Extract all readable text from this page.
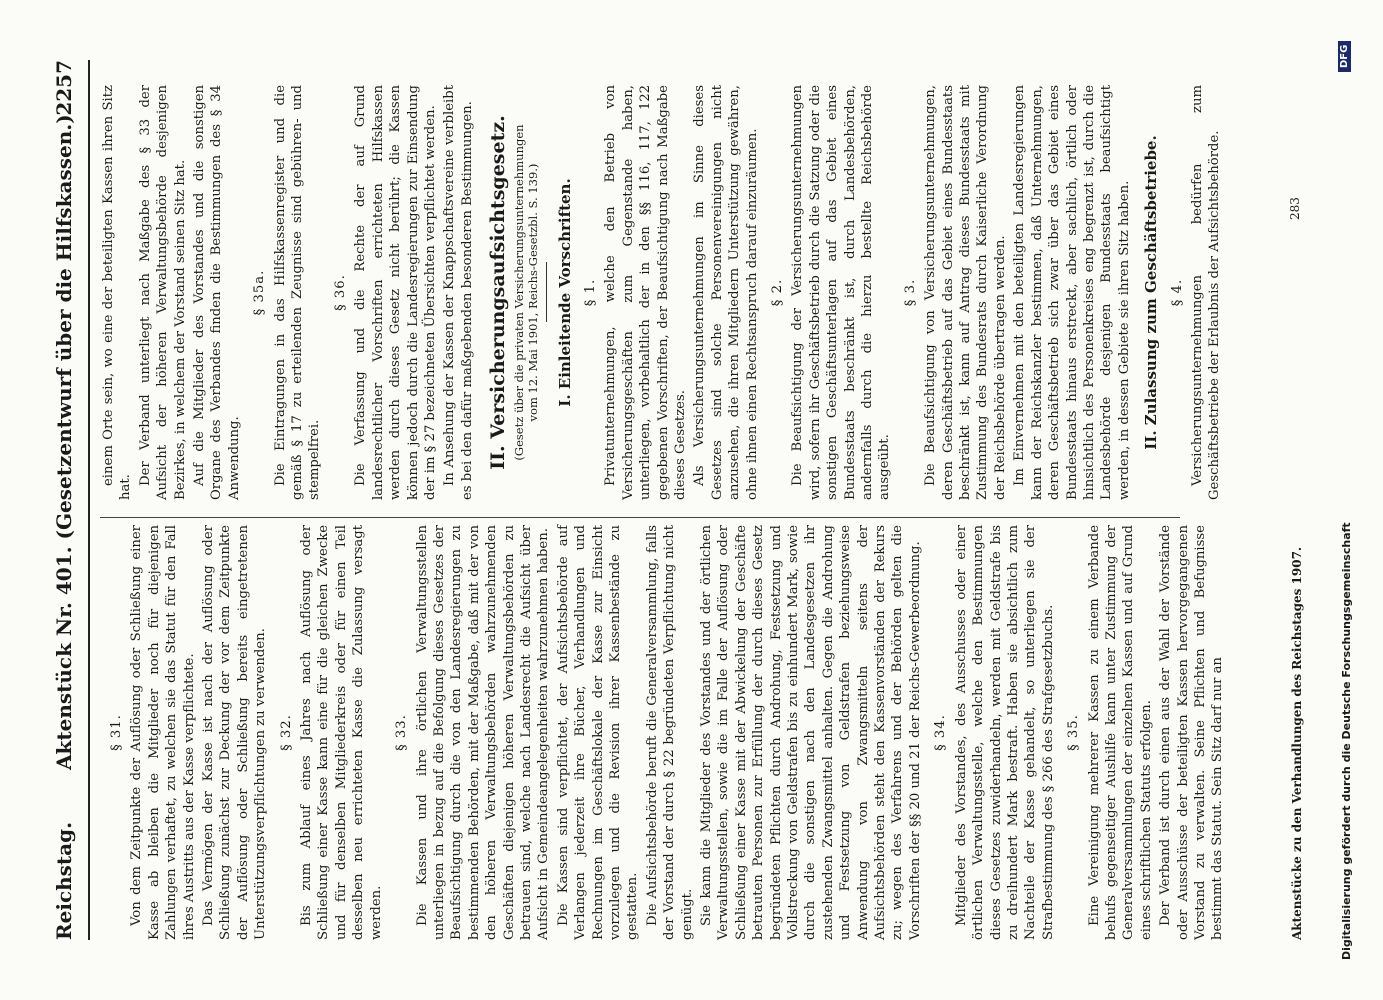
Reichstag.
Aktenstück Nr. 401. (Gesetzentwurf über die Hilfskassen.)
2257

§ 31. Von dem Zeitpunkte der Auflösung oder Schließung einer Kasse ab bleiben die Mitglieder noch für diejenigen Zahlungen verhaftet, zu welchen sie das Statut für den Fall ihres Austritts aus der Kasse verpflichtete. Das Vermögen der Kasse ist nach der Auflösung oder Schließung zunächst zur Deckung der vor dem Zeitpunkte der Auflösung oder Schließung bereits eingetretenen Unterstützungsverpflichtungen zu verwenden. § 32. Bis zum Ablauf eines Jahres nach Auflösung oder Schließung einer Kasse kann eine für die gleichen Zwecke und für denselben Mitgliederkreis oder für einen Teil desselben neu errichteten Kasse die Zulassung versagt werden.

§ 33. Die Kassen und ihre örtlichen Verwaltungsstellen unterliegen in bezug auf die Befolgung dieses Gesetzes der Beaufsichtigung durch die von den Landesregierungen zu bestimmenden Behörden, mit der Maßgabe, daß mit der von den höheren Verwaltungsbehörden wahrzunehmenden Geschäften diejenigen höheren Verwaltungsbehörden zu betrauen sind, welche nach Landesrecht die Aufsicht über Aufsicht in Gemeindeangelegenheiten wahrzunehmen haben. Die Kassen sind verpflichtet, der Aufsichtsbehörde auf Verlangen jederzeit ihre Bücher, Verhandlungen und Rechnungen im Geschäftslokale der Kasse zur Einsicht vorzulegen und die Revision ihrer Kassenbestände zu gestatten. Die Aufsichtsbehörde beruft die Generalversammlung, falls der Vorstand der durch § 22 begründeten Verpflichtung nicht genügt. Sie kann die Mitglieder des Vorstandes und der örtlichen Verwaltungsstellen, sowie die im Falle der Auflösung oder Schließung einer Kasse mit der Abwickelung der Geschäfte betrauten Personen zur Erfüllung der durch dieses Gesetz begründeten Pflichten durch Androhung, Festsetzung und Vollstreckung von Geldstrafen bis zu einhundert Mark, sowie durch die sonstigen nach den Landesgesetzen ihr zustehenden Zwangsmittel anhalten. Gegen die Androhung und Festsetzung von Geldstrafen beziehungsweise Anwendung von Zwangsmitteln seitens der Aufsichtsbehörden steht den Kassenvorständen der Rekurs zu; wegen des Verfahrens und der Behörden gelten die Vorschriften der §§ 20 und 21 der Reichs-Gewerbeordnung. § 34. Mitglieder des Vorstandes, des Ausschusses oder einer örtlichen Verwaltungsstelle, welche den Bestimmungen dieses Gesetzes zuwiderhandeln, werden mit Geldstrafe bis zu dreihundert Mark bestraft. Haben sie absichtlich zum Nachteile der Kasse gehandelt, so unterliegen sie der Strafbestimmung des § 266 des Strafgesetzbuchs. § 35. Eine Vereinigung mehrerer Kassen zu einem Verbande behufs gegenseitiger Aushilfe kann unter Zustimmung der Generalversammlungen der einzelnen Kassen und auf Grund eines schriftlichen Statuts erfolgen. Der Verband ist durch einen aus der Wahl der Vorstände oder Ausschüsse der beteiligten Kassen hervorgegangenen Vorstand zu verwalten. Seine Pflichten und Befugnisse bestimmt das Statut. Sein Sitz darf nur an

einem Orte sein, wo eine der beteiligten Kassen ihren Sitz hat.

Der Verband unterliegt nach Maßgabe des § 33 der Aufsicht der höheren Verwaltungsbehörde desjenigen Bezirkes, in welchem der Vorstand seinen Sitz hat. Auf die Mitglieder des Vorstandes und die sonstigen Organe des Verbandes finden die Bestimmungen des § 34 Anwendung.

§ 35a. Die Eintragungen in das Hilfskassenregister und die gemäß § 17 zu erteilenden Zeugnisse sind gebühren- und stempelfrei.

§ 36. Die Verfassung und die Rechte der auf Grund landesrechtlicher Vorschriften errichteten Hilfskassen werden durch dieses Gesetz nicht berührt; die Kassen können jedoch durch die Landesregierungen zur Einsendung der im § 27 bezeichneten Übersichten verpflichtet werden. In Ansehung der Kassen der Knappschaftsvereine verbleibt es bei den dafür maßgebenden besonderen Bestimmungen. II. Versicherungsaufsichtsgesetz. (Gesetz über die privaten Versicherungsunternehmungen vom 12. Mai 1901, Reichs-Gesetzbl. S. 139.) I. Einleitende Vorschriften. § 1. Privatunternehmungen, welche den Betrieb von Versicherungsgeschäften zum Gegenstande haben, unterliegen, vorbehaltlich der in den §§ 116, 117, 122 gegebenen Vorschriften, der Beaufsichtigung nach Maßgabe dieses Gesetzes. Als Versicherungsunternehmungen im Sinne dieses Gesetzes sind solche Personenvereinigungen nicht anzusehen, die ihren Mitgliedern Unterstützung gewähren, ohne ihnen einen Rechtsanspruch darauf einzuräumen. § 2. Die Beaufsichtigung der Versicherungsunternehmungen wird, sofern ihr Geschäftsbetrieb durch die Satzung oder die sonstigen Geschäftsunterlagen auf das Gebiet eines Bundesstaats beschränkt ist, durch Landesbehörden, andernfalls durch die hierzu bestellte Reichsbehörde ausgeübt.

§ 3. Die Beaufsichtigung von Versicherungsunternehmungen, deren Geschäftsbetrieb auf das Gebiet eines Bundesstaats beschränkt ist, kann auf Antrag dieses Bundesstaats mit Zustimmung des Bundesrats durch Kaiserliche Verordnung der Reichsbehörde übertragen werden. Im Einvernehmen mit den beteiligten Landesregierungen kann der Reichskanzler bestimmen, daß Unternehmungen, deren Geschäftsbetrieb sich zwar über das Gebiet eines Bundesstaats hinaus erstreckt, aber sachlich, örtlich oder hinsichtlich des Personenkreises eng begrenzt ist, durch die Landesbehörde desjenigen Bundesstaats beaufsichtigt werden, in dessen Gebiete sie ihren Sitz haben. II. Zulassung zum Geschäftsbetriebe. § 4. Versicherungsunternehmungen bedürfen zum Geschäftsbetriebe der Erlaubnis der Aufsichtsbehörde.

Aktenstücke zu den Verhandlungen des Reichstages 1907.
283
Digitalisierung gefördert durch die Deutsche Forschungsgemeinschaft
DFG
